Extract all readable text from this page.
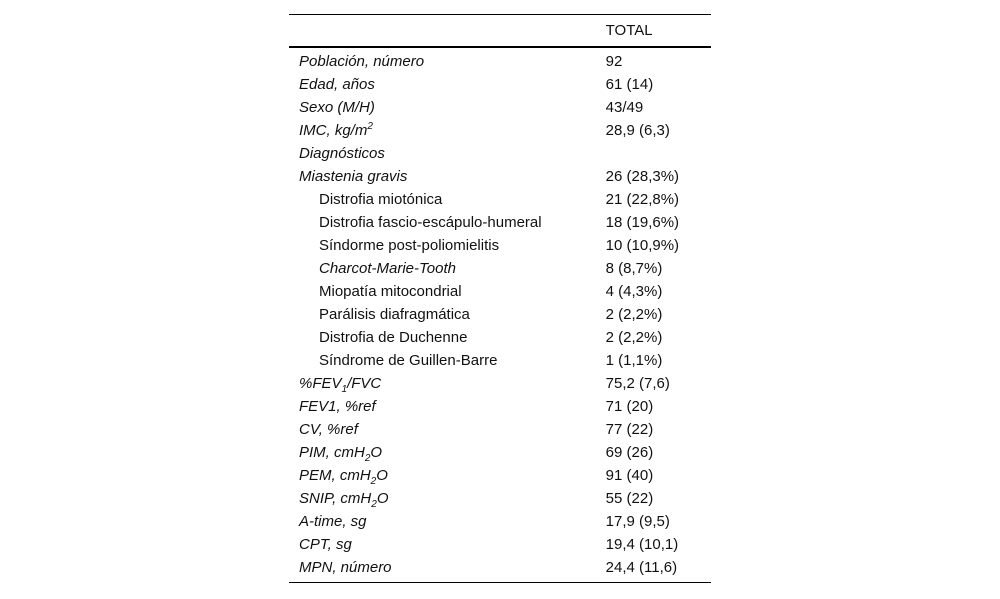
	TOTAL
Población, número	92
Edad, años	61 (14)
Sexo (M/H)	43/49
IMC, $kg/m^2$	28,9 (6,3)
Diagnósticos	
Miastenia gravis	26 (28,3%)
Distrofia miotónica	21 (22,8%)
Distrofia fascio-escápulo-humeral	18 (19,6%)
Síndorme post-poliomielitis	10 (10,9%)
Charcot-Marie-Tooth	8 (8,7%)
Miopatía mitocondrial	4 (4,3%)
Parálisis diafragmática	2 (2,2%)
Distrofia de Duchenne	2 (2,2%)
Síndrome de Guillen-Barre	1 (1,1%)
$\%FEV_1$/FVC	75,2 (7,6)
FEV1, %ref	71 (20)
CV, %ref	77 (22)
PIM, cmH$_2$O	69 (26)
PEM, cmH$_2$O	91 (40)
SNIP, cmH$_2$O	55 (22)
A-time, sg	17,9 (9,5)
CPT, sg	19,4 (10,1)
MPN, número	24,4 (11,6)
